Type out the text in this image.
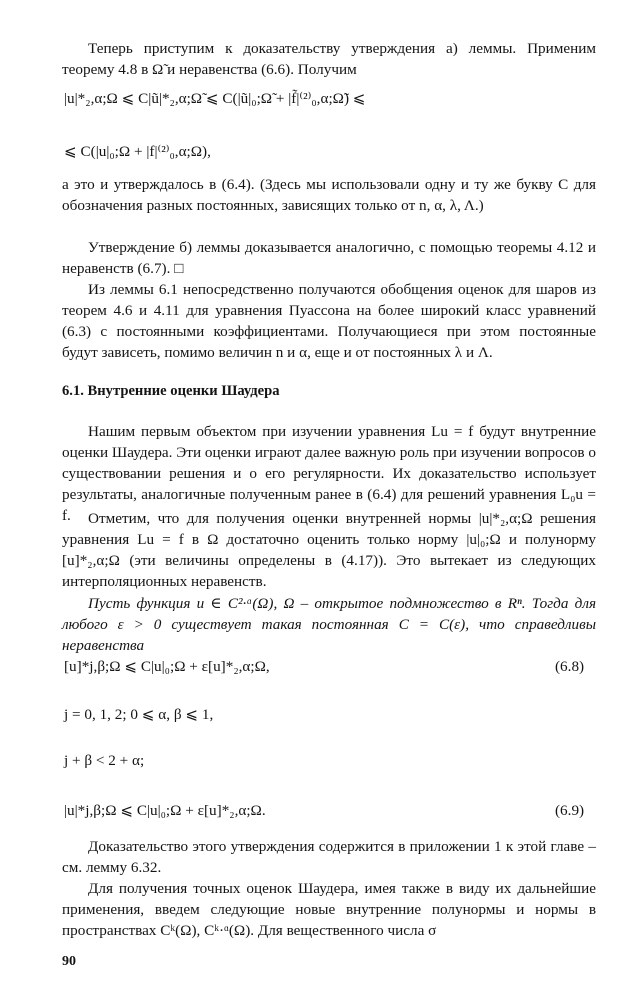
Теперь приступим к доказательству утверждения а) леммы. Применим теорему 4.8 в Ω̃ и неравенства (6.6). Получим

|u|*₂,α;Ω ⩽ C|ũ|*₂,α;Ω̃ ⩽ C(|ũ|₀;Ω̃ + |f̃|⁽²⁾₀,α;Ω̃) ⩽

⩽ C(|u|₀;Ω + |f|⁽²⁾₀,α;Ω),

а это и утверждалось в (6.4). (Здесь мы использовали одну и ту же букву C для обозначения разных постоянных, зависящих только от n, α, λ, Λ.)

Утверждение б) леммы доказывается аналогично, с помощью теоремы 4.12 и неравенств (6.7). □

Из леммы 6.1 непосредственно получаются обобщения оценок для шаров из теорем 4.6 и 4.11 для уравнения Пуассона на более широкий класс уравнений (6.3) с постоянными коэффициентами. Получающиеся при этом постоянные будут зависеть, помимо величин n и α, еще и от постоянных λ и Λ.

6.1. Внутренние оценки Шаудера

Нашим первым объектом при изучении уравнения Lu = f будут внутренние оценки Шаудера. Эти оценки играют далее важную роль при изучении вопросов о существовании решения и о его регулярности. Их доказательство использует результаты, аналогичные полученным ранее в (6.4) для решений уравнения L₀u = f.	Отметим, что для получения оценки внутренней нормы |u|*₂,α;Ω решения уравнения Lu = f в Ω достаточно оценить только норму |u|₀;Ω и полунорму [u]*₂,α;Ω (эти величины определены в (4.17)). Это вытекает из следующих интерполяционных неравенств.

Пусть функция u ∈ C²·ᵅ(Ω), Ω – открытое подмножество в Rⁿ. Тогда для любого ε > 0 существует такая постоянная C = C(ε), что справедливы неравенства

[u]*j,β;Ω ⩽ C|u|₀;Ω + ε[u]*₂,α;Ω,	(6.8)

j = 0, 1, 2; 0 ⩽ α, β ⩽ 1,

j + β < 2 + α;

|u|*j,β;Ω ⩽ C|u|₀;Ω + ε[u]*₂,α;Ω.	(6.9)

Доказательство этого утверждения содержится в приложении 1 к этой главе – см. лемму 6.32.

Для получения точных оценок Шаудера, имея также в виду их дальнейшие применения, введем следующие новые внутренние полунормы и нормы в пространствах Cᵏ(Ω), Cᵏ·ᵅ(Ω). Для вещественного числа σ

90
